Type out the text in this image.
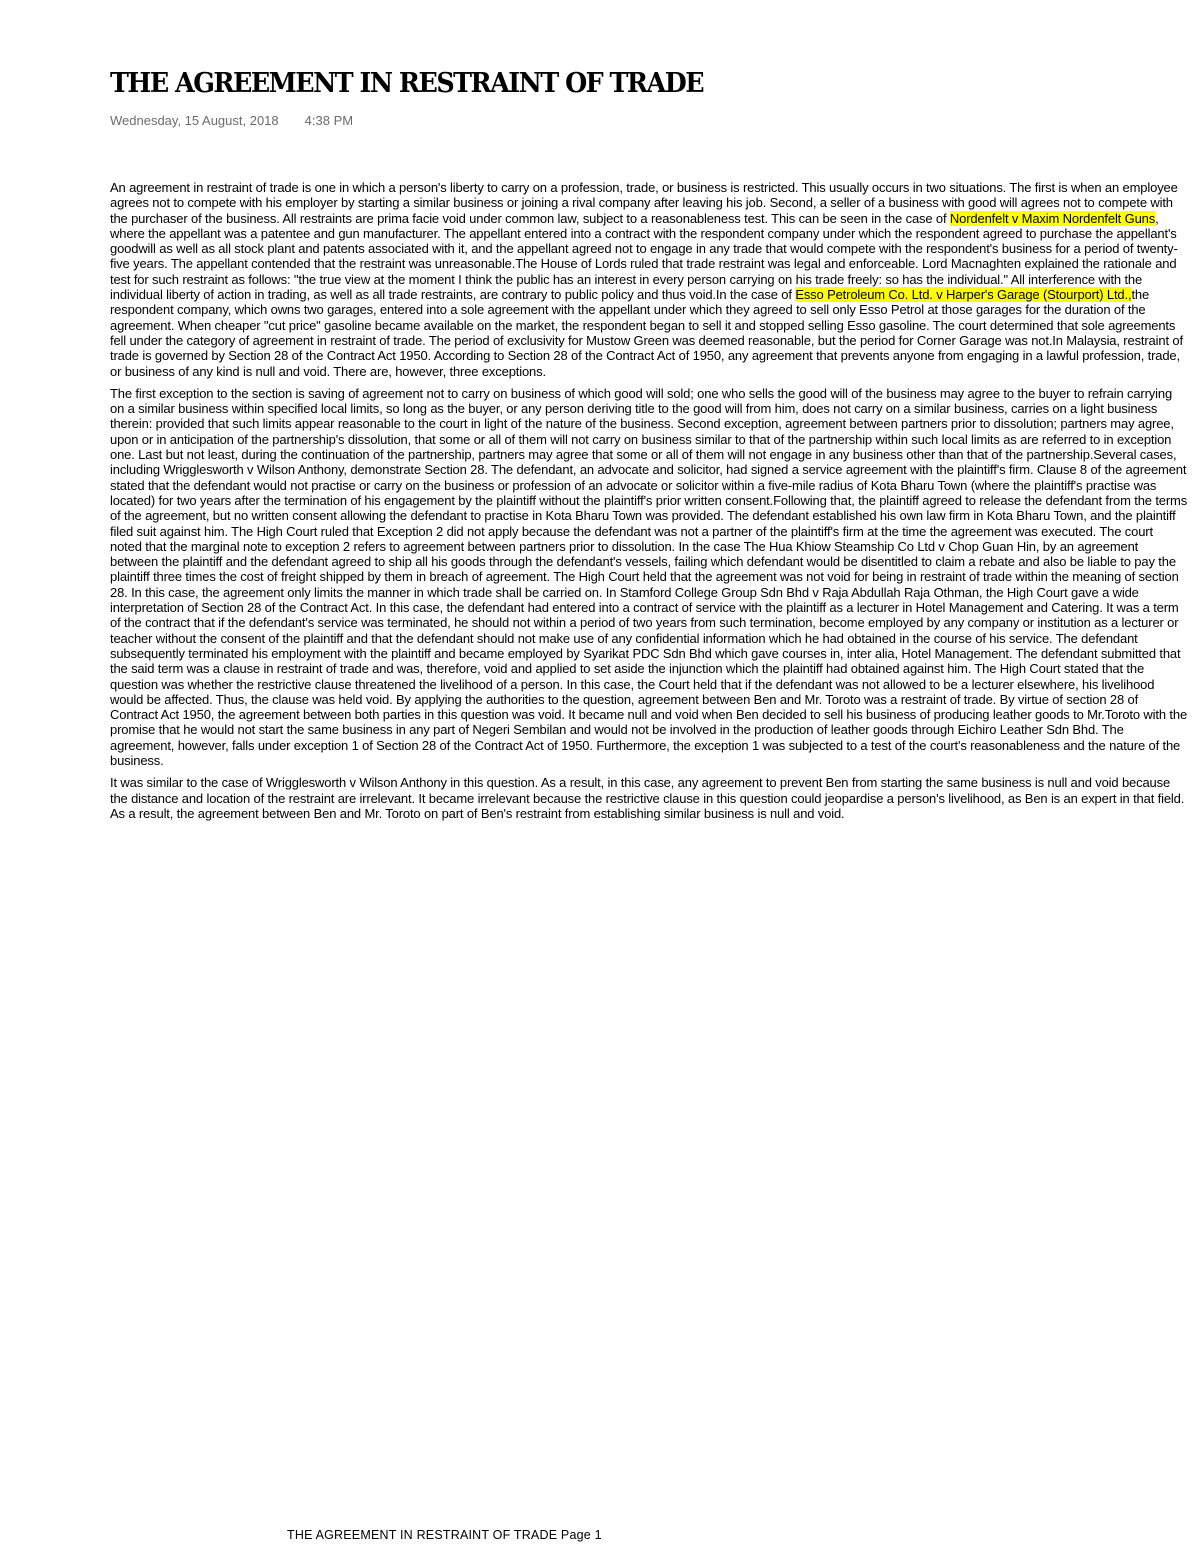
THE AGREEMENT IN RESTRAINT OF TRADE
Wednesday, 15 August, 2018 4:38 PM

An agreement in restraint of trade is one in which a person's liberty to carry on a profession, trade, or business is restricted. This usually occurs in two situations. The first is when an employee agrees not to compete with his employer by starting a similar business or joining a rival company after leaving his job. Second, a seller of a business with good will agrees not to compete with the purchaser of the business. All restraints are prima facie void under common law, subject to a reasonableness test. This can be seen in the case of Nordenfelt v Maxim Nordenfelt Guns, where the appellant was a patentee and gun manufacturer. The appellant entered into a contract with the respondent company under which the respondent agreed to purchase the appellant's goodwill as well as all stock plant and patents associated with it, and the appellant agreed not to engage in any trade that would compete with the respondent's business for a period of twenty-five years. The appellant contended that the restraint was unreasonable.The House of Lords ruled that trade restraint was legal and enforceable. Lord Macnaghten explained the rationale and test for such restraint as follows: "the true view at the moment I think the public has an interest in every person carrying on his trade freely: so has the individual." All interference with the individual liberty of action in trading, as well as all trade restraints, are contrary to public policy and thus void.In the case of Esso Petroleum Co. Ltd. v Harper's Garage (Stourport) Ltd.,the respondent company, which owns two garages, entered into a sole agreement with the appellant under which they agreed to sell only Esso Petrol at those garages for the duration of the agreement. When cheaper "cut price" gasoline became available on the market, the respondent began to sell it and stopped selling Esso gasoline. The court determined that sole agreements fell under the category of agreement in restraint of trade. The period of exclusivity for Mustow Green was deemed reasonable, but the period for Corner Garage was not.In Malaysia, restraint of trade is governed by Section 28 of the Contract Act 1950. According to Section 28 of the Contract Act of 1950, any agreement that prevents anyone from engaging in a lawful profession, trade, or business of any kind is null and void. There are, however, three exceptions.

The first exception to the section is saving of agreement not to carry on business of which good will sold; one who sells the good will of the business may agree to the buyer to refrain carrying on a similar business within specified local limits, so long as the buyer, or any person deriving title to the good will from him, does not carry on a similar business, carries on a light business therein: provided that such limits appear reasonable to the court in light of the nature of the business. Second exception, agreement between partners prior to dissolution; partners may agree, upon or in anticipation of the partnership's dissolution, that some or all of them will not carry on business similar to that of the partnership within such local limits as are referred to in exception one. Last but not least, during the continuation of the partnership, partners may agree that some or all of them will not engage in any business other than that of the partnership.Several cases, including Wrigglesworth v Wilson Anthony, demonstrate Section 28. The defendant, an advocate and solicitor, had signed a service agreement with the plaintiff's firm. Clause 8 of the agreement stated that the defendant would not practise or carry on the business or profession of an advocate or solicitor within a five-mile radius of Kota Bharu Town (where the plaintiff's practise was located) for two years after the termination of his engagement by the plaintiff without the plaintiff's prior written consent.Following that, the plaintiff agreed to release the defendant from the terms of the agreement, but no written consent allowing the defendant to practise in Kota Bharu Town was provided. The defendant established his own law firm in Kota Bharu Town, and the plaintiff filed suit against him. The High Court ruled that Exception 2 did not apply because the defendant was not a partner of the plaintiff's firm at the time the agreement was executed. The court noted that the marginal note to exception 2 refers to agreement between partners prior to dissolution. In the case The Hua Khiow Steamship Co Ltd v Chop Guan Hin, by an agreement between the plaintiff and the defendant agreed to ship all his goods through the defendant's vessels, failing which defendant would be disentitled to claim a rebate and also be liable to pay the plaintiff three times the cost of freight shipped by them in breach of agreement. The High Court held that the agreement was not void for being in restraint of trade within the meaning of section 28. In this case, the agreement only limits the manner in which trade shall be carried on. In Stamford College Group Sdn Bhd v Raja Abdullah Raja Othman, the High Court gave a wide interpretation of Section 28 of the Contract Act. In this case, the defendant had entered into a contract of service with the plaintiff as a lecturer in Hotel Management and Catering. It was a term of the contract that if the defendant's service was terminated, he should not within a period of two years from such termination, become employed by any company or institution as a lecturer or teacher without the consent of the plaintiff and that the defendant should not make use of any confidential information which he had obtained in the course of his service. The defendant subsequently terminated his employment with the plaintiff and became employed by Syarikat PDC Sdn Bhd which gave courses in, inter alia, Hotel Management. The defendant submitted that the said term was a clause in restraint of trade and was, therefore, void and applied to set aside the injunction which the plaintiff had obtained against him. The High Court stated that the question was whether the restrictive clause threatened the livelihood of a person. In this case, the Court held that if the defendant was not allowed to be a lecturer elsewhere, his livelihood would be affected. Thus, the clause was held void. By applying the authorities to the question, agreement between Ben and Mr. Toroto was a restraint of trade. By virtue of section 28 of Contract Act 1950, the agreement between both parties in this question was void. It became null and void when Ben decided to sell his business of producing leather goods to Mr.Toroto with the promise that he would not start the same business in any part of Negeri Sembilan and would not be involved in the production of leather goods through Eichiro Leather Sdn Bhd. The agreement, however, falls under exception 1 of Section 28 of the Contract Act of 1950. Furthermore, the exception 1 was subjected to a test of the court's reasonableness and the nature of the business.

It was similar to the case of Wrigglesworth v Wilson Anthony in this question. As a result, in this case, any agreement to prevent Ben from starting the same business is null and void because the distance and location of the restraint are irrelevant. It became irrelevant because the restrictive clause in this question could jeopardise a person's livelihood, as Ben is an expert in that field. As a result, the agreement between Ben and Mr. Toroto on part of Ben's restraint from establishing similar business is null and void.

THE AGREEMENT IN RESTRAINT OF TRADE Page 1
